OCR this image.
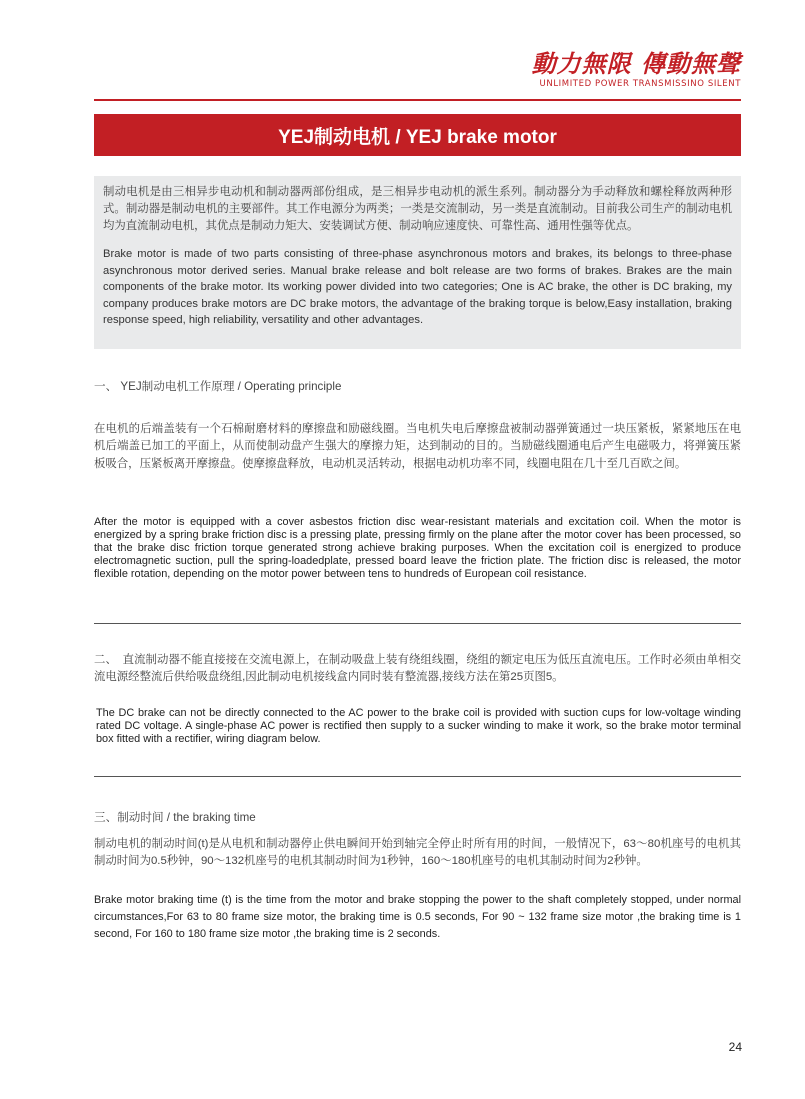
動力無限 傳動無聲
UNLIMITED POWER TRANSMISSINO SILENT
YEJ制动电机 / YEJ brake motor

制动电机是由三相异步电动机和制动器两部份组成，是三相异步电动机的派生系列。制动器分为手动释放和螺栓释放两种形式。制动器是制动电机的主要部件。其工作电源分为两类；一类是交流制动，另一类是直流制动。目前我公司生产的制动电机均为直流制动电机，其优点是制动力矩大、安装调试方便、制动响应速度快、可靠性高、通用性强等优点。

Brake motor is made of two parts consisting of three-phase asynchronous motors and brakes, its belongs to three-phase asynchronous motor derived series. Manual brake release and bolt release are two forms of brakes. Brakes are the main components of the brake motor. Its working power divided into two categories; One is AC brake, the other is DC braking, my company produces brake motors are DC brake motors, the advantage of the braking torque is below,Easy installation, braking response speed, high reliability, versatility and other advantages.

一、 YEJ制动电机工作原理 / Operating principle

在电机的后端盖装有一个石棉耐磨材料的摩擦盘和励磁线圈。当电机失电后摩擦盘被制动器弹簧通过一块压紧板，紧紧地压在电机后端盖已加工的平面上，从而使制动盘产生强大的摩擦力矩，达到制动的目的。当励磁线圈通电后产生电磁吸力，将弹簧压紧板吸合，压紧板离开摩擦盘。使摩擦盘释放，电动机灵活转动，根据电动机功率不同，线圈电阻在几十至几百欧之间。

After the motor is equipped with a cover asbestos friction disc wear-resistant materials and excitation coil. When the motor is energized by a spring brake friction disc is a pressing plate, pressing firmly on the plane after the motor cover has been processed, so that the brake disc friction torque generated strong achieve braking purposes. When the excitation coil is energized to produce electromagnetic suction, pull the spring-loadedplate, pressed board leave the friction plate. The friction disc is released, the motor flexible rotation, depending on the motor power between tens to hundreds of European coil resistance.

二、　直流制动器不能直接接在交流电源上，在制动吸盘上装有绕组线圈，绕组的额定电压为低压直流电压。工作时必须由单相交流电源经整流后供给吸盘绕组,因此制动电机接线盒内同时装有整流器,接线方法在第25页图5。

The DC brake can not be directly connected to the AC power to the brake coil is provided with suction cups for low-voltage winding rated DC voltage. A single-phase AC power is rectified then supply to a sucker winding to make it work, so the brake motor terminal box fitted with a rectifier, wiring diagram below.

三、制动时间 / the braking time

制动电机的制动时间(t)是从电机和制动器停止供电瞬间开始到轴完全停止时所有用的时间，一般情况下，63～80机座号的电机其制动时间为0.5秒钟，90～132机座号的电机其制动时间为1秒钟，160～180机座号的电机其制动时间为2秒钟。

Brake motor braking time (t) is the time from the motor and brake stopping the power to the shaft completely stopped, under normal circumstances,For 63 to 80 frame size motor, the braking time is 0.5 seconds, For 90 ~ 132 frame size motor ,the braking time is 1 second, For 160 to 180 frame size motor ,the braking time is 2 seconds.

24
